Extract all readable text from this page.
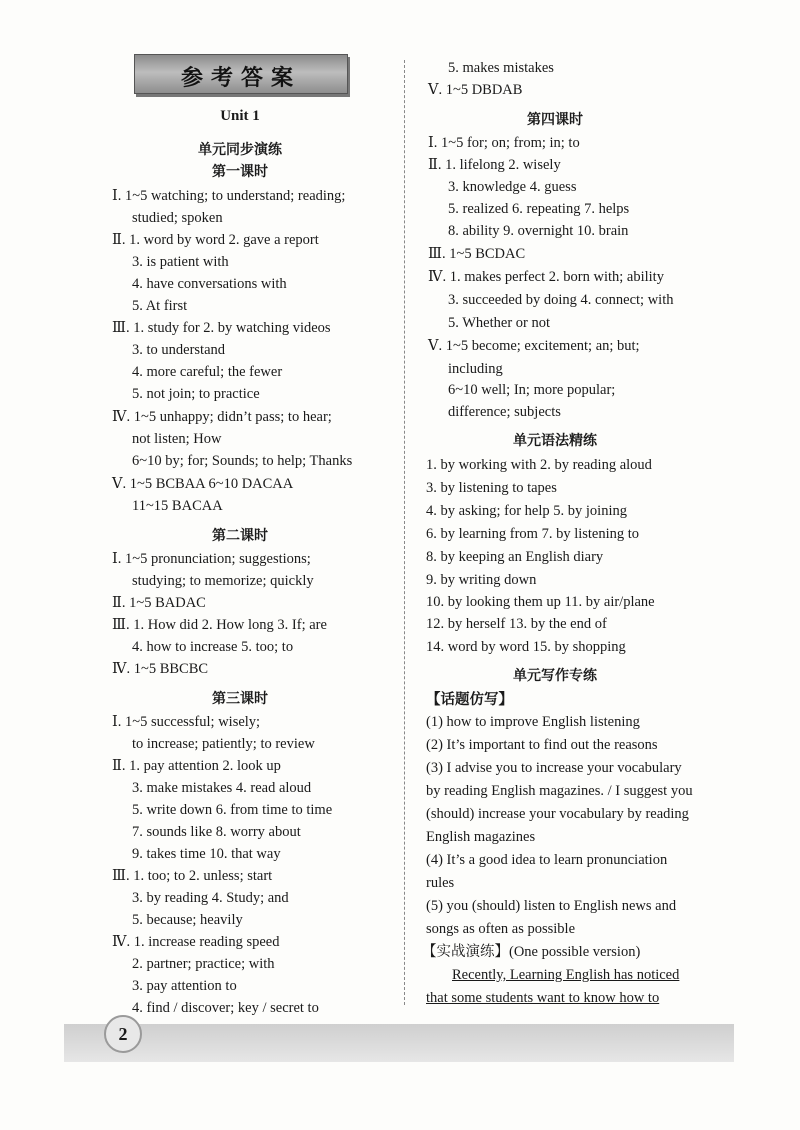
参考答案
Unit 1
单元同步演练
第一课时
Ⅰ. 1~5 watching; to understand; reading;
studied; spoken
Ⅱ. 1. word by word 2. gave a report
3. is patient with
4. have conversations with
5. At first
Ⅲ. 1. study for 2. by watching videos
3. to understand
4. more careful; the fewer
5. not join; to practice
Ⅳ. 1~5 unhappy; didn’t pass; to hear;
not listen; How
6~10 by; for; Sounds; to help; Thanks
Ⅴ. 1~5 BCBAA 6~10 DACAA
11~15 BACAA
第二课时
Ⅰ. 1~5 pronunciation; suggestions;
studying; to memorize; quickly
Ⅱ. 1~5 BADAC
Ⅲ. 1. How did 2. How long 3. If; are
4. how to increase 5. too; to
Ⅳ. 1~5 BBCBC
第三课时
Ⅰ. 1~5 successful; wisely;
to increase; patiently; to review
Ⅱ. 1. pay attention 2. look up
3. make mistakes 4. read aloud
5. write down 6. from time to time
7. sounds like 8. worry about
9. takes time 10. that way
Ⅲ. 1. too; to 2. unless; start
3. by reading 4. Study; and
5. because; heavily
Ⅳ. 1. increase reading speed
2. partner; practice; with
3. pay attention to
4. find / discover; key / secret to
5. makes mistakes
Ⅴ. 1~5 DBDAB
第四课时
Ⅰ. 1~5 for; on; from; in; to
Ⅱ. 1. lifelong 2. wisely
3. knowledge 4. guess
5. realized 6. repeating 7. helps
8. ability 9. overnight 10. brain
Ⅲ. 1~5 BCDAC
Ⅳ. 1. makes perfect 2. born with; ability
3. succeeded by doing 4. connect; with
5. Whether or not
Ⅴ. 1~5 become; excitement; an; but;
including
6~10 well; In; more popular;
difference; subjects
单元语法精练
1. by working with 2. by reading aloud
3. by listening to tapes
4. by asking; for help 5. by joining
6. by learning from 7. by listening to
8. by keeping an English diary
9. by writing down
10. by looking them up 11. by air/plane
12. by herself 13. by the end of
14. word by word 15. by shopping
单元写作专练
【话题仿写】
(1) how to improve English listening
(2) It’s important to find out the reasons
(3) I advise you to increase your vocabulary
by reading English magazines. / I suggest you
(should) increase your vocabulary by reading
English magazines
(4) It’s a good idea to learn pronunciation
rules
(5) you (should) listen to English news and
songs as often as possible
【实战演练】(One possible version)
Recently, Learning English has noticed
that some students want to know how to
2
